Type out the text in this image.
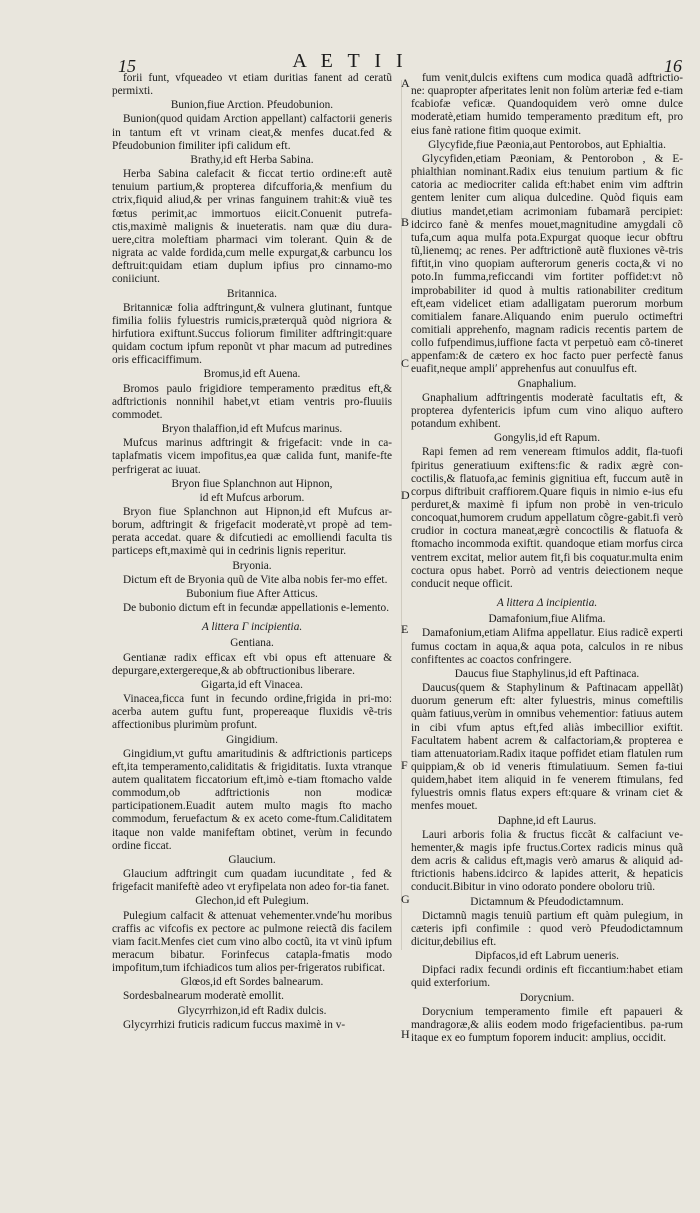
15	A E T I I	16

forii funt, vfqueadeo vt etiam duritias fanent ad ceratũ permixti.

Bunion,fiue Arction. Pfeudobunion.

Bunion(quod quidam Arction appellant) calfactorii generis in tantum eft vt vrinam cieat,& menfes ducat.fed & Pfeudobunion fimiliter ipfi calidum eft.

Brathy,id eft Herba Sabina.

Herba Sabina calefacit & ficcat tertio ordine:eft autẽ tenuium partium,& propterea difcufforia,& menfium du ctrix,fiquid aliud,& per vrinas fanguinem trahit:& viuẽ tes fœtus perimit,ac immortuos eiicit.Conuenit putrefa-ctis,maximè malignis & inueteratis. nam quæ diu dura-uere,citra moleftiam pharmaci vim tolerant. Quin & de nigrata ac valde fordida,cum melle expurgat,& carbuncu los deftruit:quidam etiam duplum ipfius pro cinnamo-mo coniiciunt.

Britannica.

Britannicæ folia adftringunt,& vulnera glutinant, funtque fimilia foliis fyluestris rumicis,præterquã quòd nigriora & hirfutiora exiftunt.Succus foliorum fimiliter adftringit:quare quidam coctum ipfum reponũt vt phar macum ad putredines oris efficaciffimum.

Bromus,id eft Auena.

Bromos paulo frigidiore temperamento præditus eft,& adftrictionis nonnihil habet,vt etiam ventris pro-fluuiis commodet.

Bryon thalaffion,id eft Mufcus marinus.

Mufcus marinus adftringit & frigefacit: vnde in ca-taplafmatis vicem impofitus,ea quæ calida funt, manife-fte perfrigerat ac iuuat.

Bryon fiue Splanchnon aut Hipnon,

id eft Mufcus arborum.

Bryon fiue Splanchnon aut Hipnon,id eft Mufcus ar-borum, adftringit & frigefacit moderatè,vt propè ad tem-perata accedat. quare & difcutiedi ac emolliendi faculta tis particeps eft,maximè qui in cedrinis lignis reperitur.

Bryonia.

Dictum eft de Bryonia quũ de Vite alba nobis fer-mo effet.

Bubonium fiue After Atticus.

De bubonio dictum eft in fecundæ appellationis e-lemento.

A littera Γ incipientia.

Gentiana.

Gentianæ radix efficax eft vbi opus eft attenuare & depurgare,extergereque,& ab obftructionibus liberare.

Gigarta,id eft Vinacea.

Vinacea,ficca funt in fecundo ordine,frigida in pri-mo: acerba autem guftu funt, propereaque fluxidis vẽ-tris affectionibus plurimùm profunt.

Gingidium.

Gingidium,vt guftu amaritudinis & adftrictionis particeps eft,ita temperamento,caliditatis & frigiditatis. Iuxta vtranque autem qualitatem ficcatorium eft,imò e-tiam ftomacho valde commodum,ob adftrictionis non modicæ participationem.Euadit autem multo magis fto macho commodum, feruefactum & ex aceto come-ftum.Caliditatem itaque non valde manifeftam obtinet, verùm in fecundo ordine ficcat.

Glaucium.

Glaucium adftringit cum quadam iucunditate , fed & frigefacit manifeftè adeo vt eryfipelata non adeo for-tia fanet.

Glechon,id eft Pulegium.

Pulegium calfacit & attenuat vehementer.vndeʹhu moribus craffis ac vifcofis ex pectore ac pulmone reiectã dis facilem viam facit.Menfes ciet cum vino albo coctũ, ita vt vinũ ipfum meracum bibatur. Forinfecus catapla-fmatis modo impofitum,tum ifchiadicos tum alios per-frigeratos rubificat.

Glœos,id eft Sordes balnearum.

Sordesbalnearum moderatè emollit.

Glycyrrhizon,id eft Radix dulcis.

Glycyrrhizi fruticis radicum fuccus maximè in v-

fum venit,dulcis exiftens cum modica quadã adftrictio-ne: quapropter afperitates lenit non folùm arteriæ fed e-tiam fcabiofæ veficæ. Quandoquidem verò omne dulce moderatè,etiam humido temperamento præditum eft, pro eius fanè ratione fitim quoque eximit.

Glycyfide,fiue Pæonia,aut Pentorobos, aut Ephialtia.

Glycyfiden,etiam Pæoniam, & Pentorobon , & E-phialthian nominant.Radix eius tenuium partium & fic catoria ac mediocriter calida eft:habet enim vim adftrin gentem leniter cum aliqua dulcedine. Quòd fiquis eam diutius mandet,etiam acrimoniam fubamarã percipiet: idcirco fanè & menfes mouet,magnitudine amygdali cõ tufa,cum aqua mulfa pota.Expurgat quoque iecur obftru tũ,lienemq; ac renes. Per adftrictionẽ autẽ fluxiones vẽ-tris fiftit,in vino quopiam aufterorum generis cocta,& vi no poto.In fumma,reficcandi vim fortiter poffidet:vt nõ improbabiliter id quod à multis rationabiliter creditum eft,eam videlicet etiam adalligatam puerorum morbum comitialem fanare.Aliquando enim puerulo octimeftri comitiali apprehenfo, magnam radicis recentis partem de collo fufpendimus,iuffione facta vt perpetuò eam cõ-tineret appenfam:& de cætero ex hoc facto puer perfectè fanus euafit,neque ampliʹ apprehenfus aut conuulfus eft.

Gnaphalium.

Gnaphalium adftringentis moderatè facultatis eft, & propterea dyfentericis ipfum cum vino aliquo auftero potandum exhibent.

Gongylis,id eft Rapum.

Rapi femen ad rem veneream ftimulos addit, fla-tuofi fpiritus generatiuum exiftens:fic & radix ægrè con-coctilis,& flatuofa,ac feminis gignitiua eft, fuccum autẽ in corpus diftribuit craffiorem.Quare fiquis in nimio e-ius efu perduret,& maximè fi ipfum non probè in ven-triculo concoquat,humorem crudum appellatum cõgre-gabit.fi verò crudior in coctura maneat,ægrè concoctilis & flatuofa & ftomacho incommoda exiftit. quandoque etiam morfus circa ventrem excitat, melior autem fit,fi bis coquatur.multa enim coctura opus habet. Porrò ad ventris deiectionem neque conducit neque officit.

A littera Δ incipientia.

Damafonium,fiue Alifma.

Damafonium,etiam Alifma appellatur. Eius radicẽ experti fumus coctam in aqua,& aqua pota, calculos in re nibus confiftentes ac coactos confringere.

Daucus fiue Staphylinus,id eft Paftinaca.

Daucus(quem & Staphylinum & Paftinacam appellãt) duorum generum eft: alter fyluestris, minus comeftilis quàm fatiuus,verùm in omnibus vehementior: fatiuus autem in cibi vfum aptus eft,fed aliàs imbecillior exiftit. Facultatem habent acrem & calfactoriam,& propterea e tiam attenuatoriam.Radix itaque poffidet etiam flatulen rum quippiam,& ob id veneris ftimulatiuum. Semen fa-tiui quidem,habet item aliquid in fe venerem ftimulans, fed fyluestris omnis flatus expers eft:quare & vrinam ciet & menfes mouet.

Daphne,id eft Laurus.

Lauri arboris folia & fructus ficcãt & calfaciunt ve-hementer,& magis ipfe fructus.Cortex radicis minus quã dem acris & calidus eft,magis verò amarus & aliquid ad-ftrictionis habens.idcirco & lapides atterit, & hepaticis conducit.Bibitur in vino odorato pondere oboloru triũ.

Dictamnum & Pfeudodictamnum.

Dictamnũ magis tenuiũ partium eft quàm pulegium, in cæteris ipfi confimile : quod verò Pfeudodictamnum dicitur,debilius eft.

Dipfacos,id eft Labrum ueneris.

Dipfaci radix fecundi ordinis eft ficcantium:habet etiam quid exterforium.

Dorycnium.

Dorycnium temperamento fimile eft papaueri & mandragoræ,& aliis eodem modo frigefacientibus. pa-rum itaque ex eo fumptum foporem inducit: amplius, occidit.

A
B
C
D
E
F
G
H
